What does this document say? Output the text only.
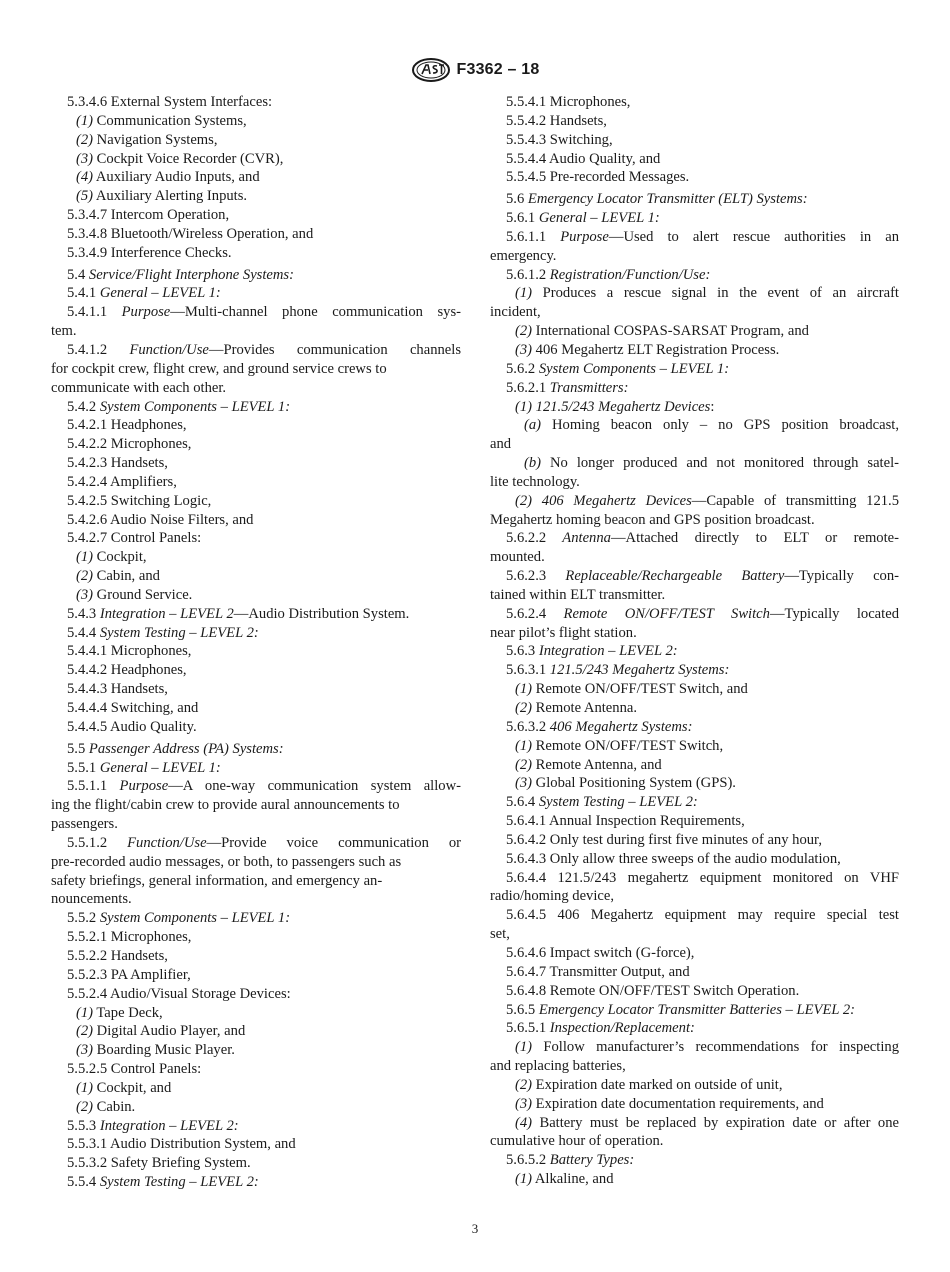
F3362 – 18
5.3.4.6 External System Interfaces:
(1) Communication Systems,
(2) Navigation Systems,
(3) Cockpit Voice Recorder (CVR),
(4) Auxiliary Audio Inputs, and
(5) Auxiliary Alerting Inputs.
5.3.4.7 Intercom Operation,
5.3.4.8 Bluetooth/Wireless Operation, and
5.3.4.9 Interference Checks.
5.4 Service/Flight Interphone Systems:
5.4.1 General – LEVEL 1:
5.4.1.1 Purpose—Multi-channel phone communication sys-
tem.
5.4.1.2 Function/Use—Provides communication channels
for cockpit crew, flight crew, and ground service crews to
communicate with each other.
5.4.2 System Components – LEVEL 1:
5.4.2.1 Headphones,
5.4.2.2 Microphones,
5.4.2.3 Handsets,
5.4.2.4 Amplifiers,
5.4.2.5 Switching Logic,
5.4.2.6 Audio Noise Filters, and
5.4.2.7 Control Panels:
(1) Cockpit,
(2) Cabin, and
(3) Ground Service.
5.4.3 Integration – LEVEL 2—Audio Distribution System.
5.4.4 System Testing – LEVEL 2:
5.4.4.1 Microphones,
5.4.4.2 Headphones,
5.4.4.3 Handsets,
5.4.4.4 Switching, and
5.4.4.5 Audio Quality.
5.5 Passenger Address (PA) Systems:
5.5.1 General – LEVEL 1:
5.5.1.1 Purpose—A one-way communication system allow-
ing the flight/cabin crew to provide aural announcements to
passengers.
5.5.1.2 Function/Use—Provide voice communication or
pre-recorded audio messages, or both, to passengers such as
safety briefings, general information, and emergency an-
nouncements.
5.5.2 System Components – LEVEL 1:
5.5.2.1 Microphones,
5.5.2.2 Handsets,
5.5.2.3 PA Amplifier,
5.5.2.4 Audio/Visual Storage Devices:
(1) Tape Deck,
(2) Digital Audio Player, and
(3) Boarding Music Player.
5.5.2.5 Control Panels:
(1) Cockpit, and
(2) Cabin.
5.5.3 Integration – LEVEL 2:
5.5.3.1 Audio Distribution System, and
5.5.3.2 Safety Briefing System.
5.5.4 System Testing – LEVEL 2:
5.5.4.1 Microphones,
5.5.4.2 Handsets,
5.5.4.3 Switching,
5.5.4.4 Audio Quality, and
5.5.4.5 Pre-recorded Messages.
5.6 Emergency Locator Transmitter (ELT) Systems:
5.6.1 General – LEVEL 1:
5.6.1.1 Purpose—Used to alert rescue authorities in an
emergency.
5.6.1.2 Registration/Function/Use:
(1) Produces a rescue signal in the event of an aircraft
incident,
(2) International COSPAS-SARSAT Program, and
(3) 406 Megahertz ELT Registration Process.
5.6.2 System Components – LEVEL 1:
5.6.2.1 Transmitters:
(1) 121.5/243 Megahertz Devices:
(a) Homing beacon only – no GPS position broadcast,
and
(b) No longer produced and not monitored through satel-
lite technology.
(2) 406 Megahertz Devices—Capable of transmitting 121.5
Megahertz homing beacon and GPS position broadcast.
5.6.2.2 Antenna—Attached directly to ELT or remote-
mounted.
5.6.2.3 Replaceable/Rechargeable Battery—Typically con-
tained within ELT transmitter.
5.6.2.4 Remote ON/OFF/TEST Switch—Typically located
near pilot’s flight station.
5.6.3 Integration – LEVEL 2:
5.6.3.1 121.5/243 Megahertz Systems:
(1) Remote ON/OFF/TEST Switch, and
(2) Remote Antenna.
5.6.3.2 406 Megahertz Systems:
(1) Remote ON/OFF/TEST Switch,
(2) Remote Antenna, and
(3) Global Positioning System (GPS).
5.6.4 System Testing – LEVEL 2:
5.6.4.1 Annual Inspection Requirements,
5.6.4.2 Only test during first five minutes of any hour,
5.6.4.3 Only allow three sweeps of the audio modulation,
5.6.4.4 121.5/243 megahertz equipment monitored on VHF
radio/homing device,
5.6.4.5 406 Megahertz equipment may require special test
set,
5.6.4.6 Impact switch (G-force),
5.6.4.7 Transmitter Output, and
5.6.4.8 Remote ON/OFF/TEST Switch Operation.
5.6.5 Emergency Locator Transmitter Batteries – LEVEL 2:
5.6.5.1 Inspection/Replacement:
(1) Follow manufacturer’s recommendations for inspecting
and replacing batteries,
(2) Expiration date marked on outside of unit,
(3) Expiration date documentation requirements, and
(4) Battery must be replaced by expiration date or after one
cumulative hour of operation.
5.6.5.2 Battery Types:
(1) Alkaline, and
3
